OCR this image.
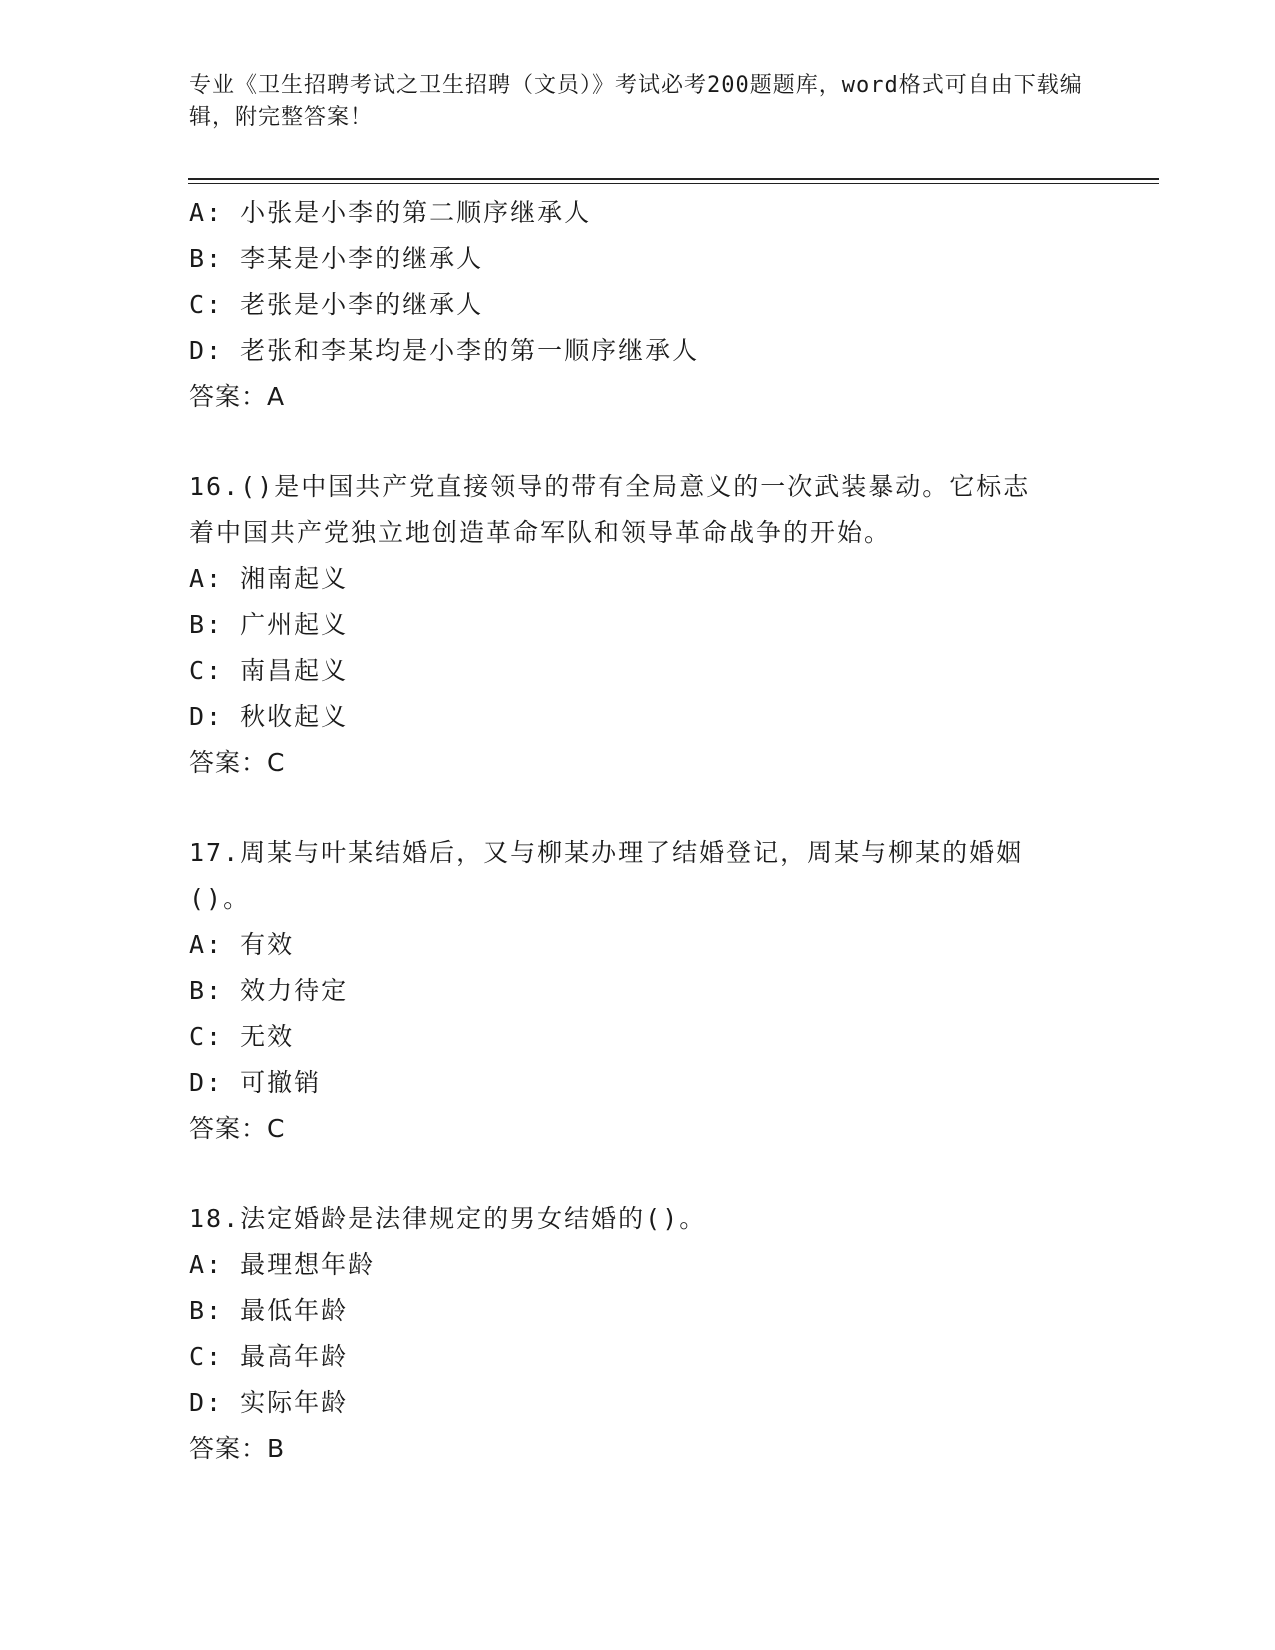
专业《卫生招聘考试之卫生招聘（文员）》考试必考200题题库，word格式可自由下载编辑，附完整答案！
A: 小张是小李的第二顺序继承人
B: 李某是小李的继承人
C: 老张是小李的继承人
D: 老张和李某均是小李的第一顺序继承人
答案：A
16.()是中国共产党直接领导的带有全局意义的一次武装暴动。它标志
着中国共产党独立地创造革命军队和领导革命战争的开始。
A: 湘南起义
B: 广州起义
C: 南昌起义
D: 秋收起义
答案：C
17.周某与叶某结婚后，又与柳某办理了结婚登记，周某与柳某的婚姻
()。
A: 有效
B: 效力待定
C: 无效
D: 可撤销
答案：C
18.法定婚龄是法律规定的男女结婚的()。
A: 最理想年龄
B: 最低年龄
C: 最高年龄
D: 实际年龄
答案：B
